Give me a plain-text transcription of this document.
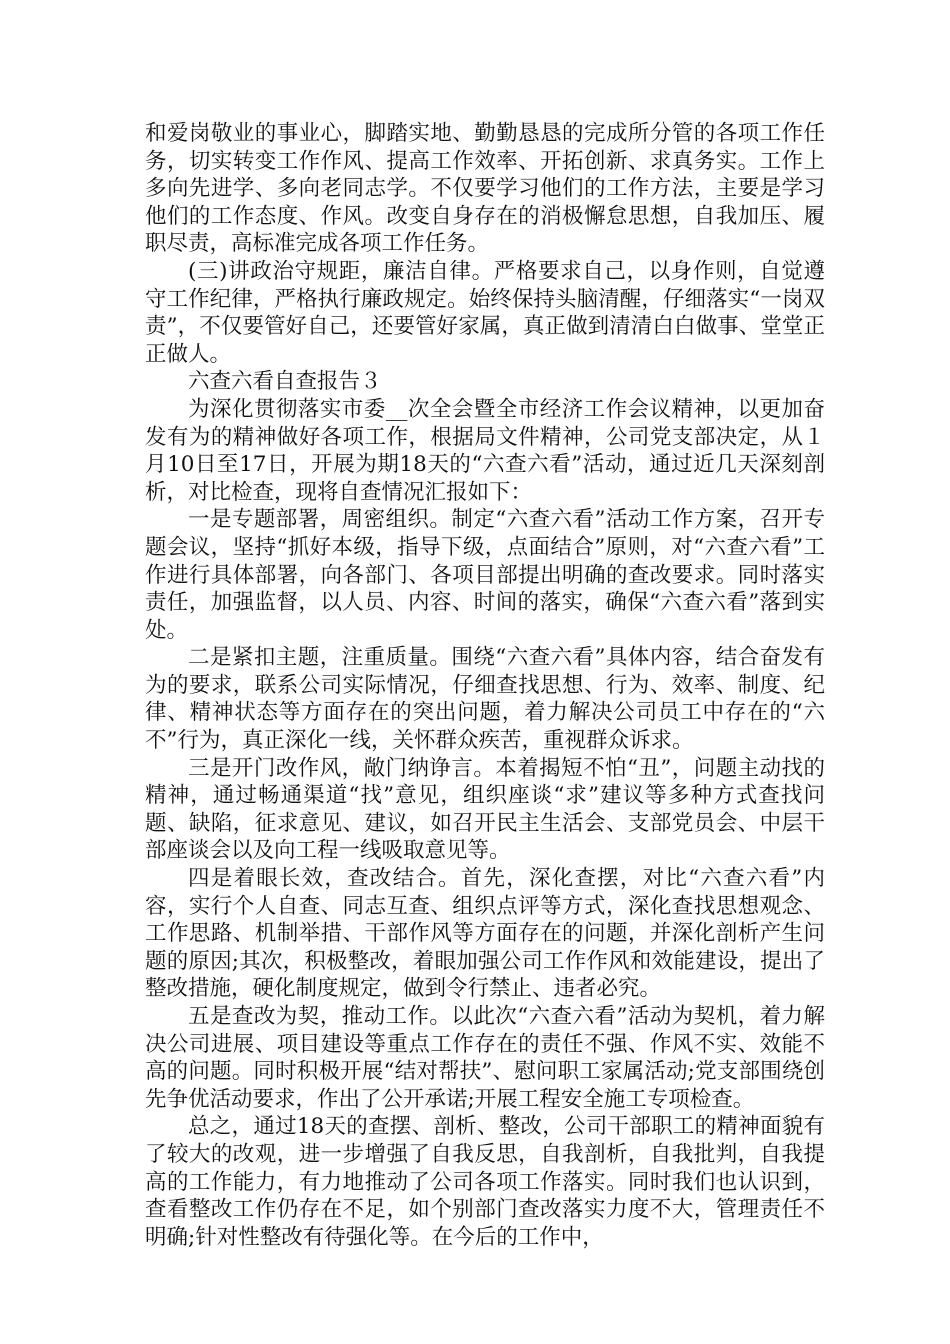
和爱岗敬业的事业心，脚踏实地、勤勤恳恳的完成所分管的各项工作任务，切实转变工作作风、提高工作效率、开拓创新、求真务实。工作上多向先进学、多向老同志学。不仅要学习他们的工作方法，主要是学习他们的工作态度、作风。改变自身存在的消极懈怠思想，自我加压、履职尽责，高标准完成各项工作任务。

(三)讲政治守规距，廉洁自律。严格要求自己，以身作则，自觉遵守工作纪律，严格执行廉政规定。始终保持头脑清醒，仔细落实“一岗双责”，不仅要管好自己，还要管好家属，真正做到清清白白做事、堂堂正正做人。

六查六看自查报告３

为深化贯彻落实市委__次全会暨全市经济工作会议精神，以更加奋发有为的精神做好各项工作，根据局文件精神，公司党支部决定，从１月10日至17日，开展为期18天的“六查六看”活动，通过近几天深刻剖析，对比检查，现将自查情况汇报如下：

一是专题部署，周密组织。制定“六查六看”活动工作方案，召开专题会议，坚持“抓好本级，指导下级，点面结合”原则，对“六查六看”工作进行具体部署，向各部门、各项目部提出明确的查改要求。同时落实责任，加强监督，以人员、内容、时间的落实，确保“六查六看”落到实处。

二是紧扣主题，注重质量。围绕“六查六看”具体内容，结合奋发有为的要求，联系公司实际情况，仔细查找思想、行为、效率、制度、纪律、精神状态等方面存在的突出问题，着力解决公司员工中存在的“六不”行为，真正深化一线，关怀群众疾苦，重视群众诉求。

三是开门改作风，敞门纳诤言。本着揭短不怕“丑”，问题主动找的精神，通过畅通渠道“找”意见，组织座谈“求”建议等多种方式查找问题、缺陷，征求意见、建议，如召开民主生活会、支部党员会、中层干部座谈会以及向工程一线吸取意见等。

四是着眼长效，查改结合。首先，深化查摆，对比“六查六看”内容，实行个人自查、同志互查、组织点评等方式，深化查找思想观念、工作思路、机制举措、干部作风等方面存在的问题，并深化剖析产生问题的原因;其次，积极整改，着眼加强公司工作作风和效能建设，提出了整改措施，硬化制度规定，做到令行禁止、违者必究。

五是查改为契，推动工作。以此次“六查六看”活动为契机，着力解决公司进展、项目建设等重点工作存在的责任不强、作风不实、效能不高的问题。同时积极开展“结对帮扶”、慰问职工家属活动;党支部围绕创先争优活动要求，作出了公开承诺;开展工程安全施工专项检查。

总之，通过18天的查摆、剖析、整改，公司干部职工的精神面貌有了较大的改观，进一步增强了自我反思，自我剖析，自我批判，自我提高的工作能力，有力地推动了公司各项工作落实。同时我们也认识到，查看整改工作仍存在不足，如个别部门查改落实力度不大，管理责任不明确;针对性整改有待强化等。在今后的工作中，
